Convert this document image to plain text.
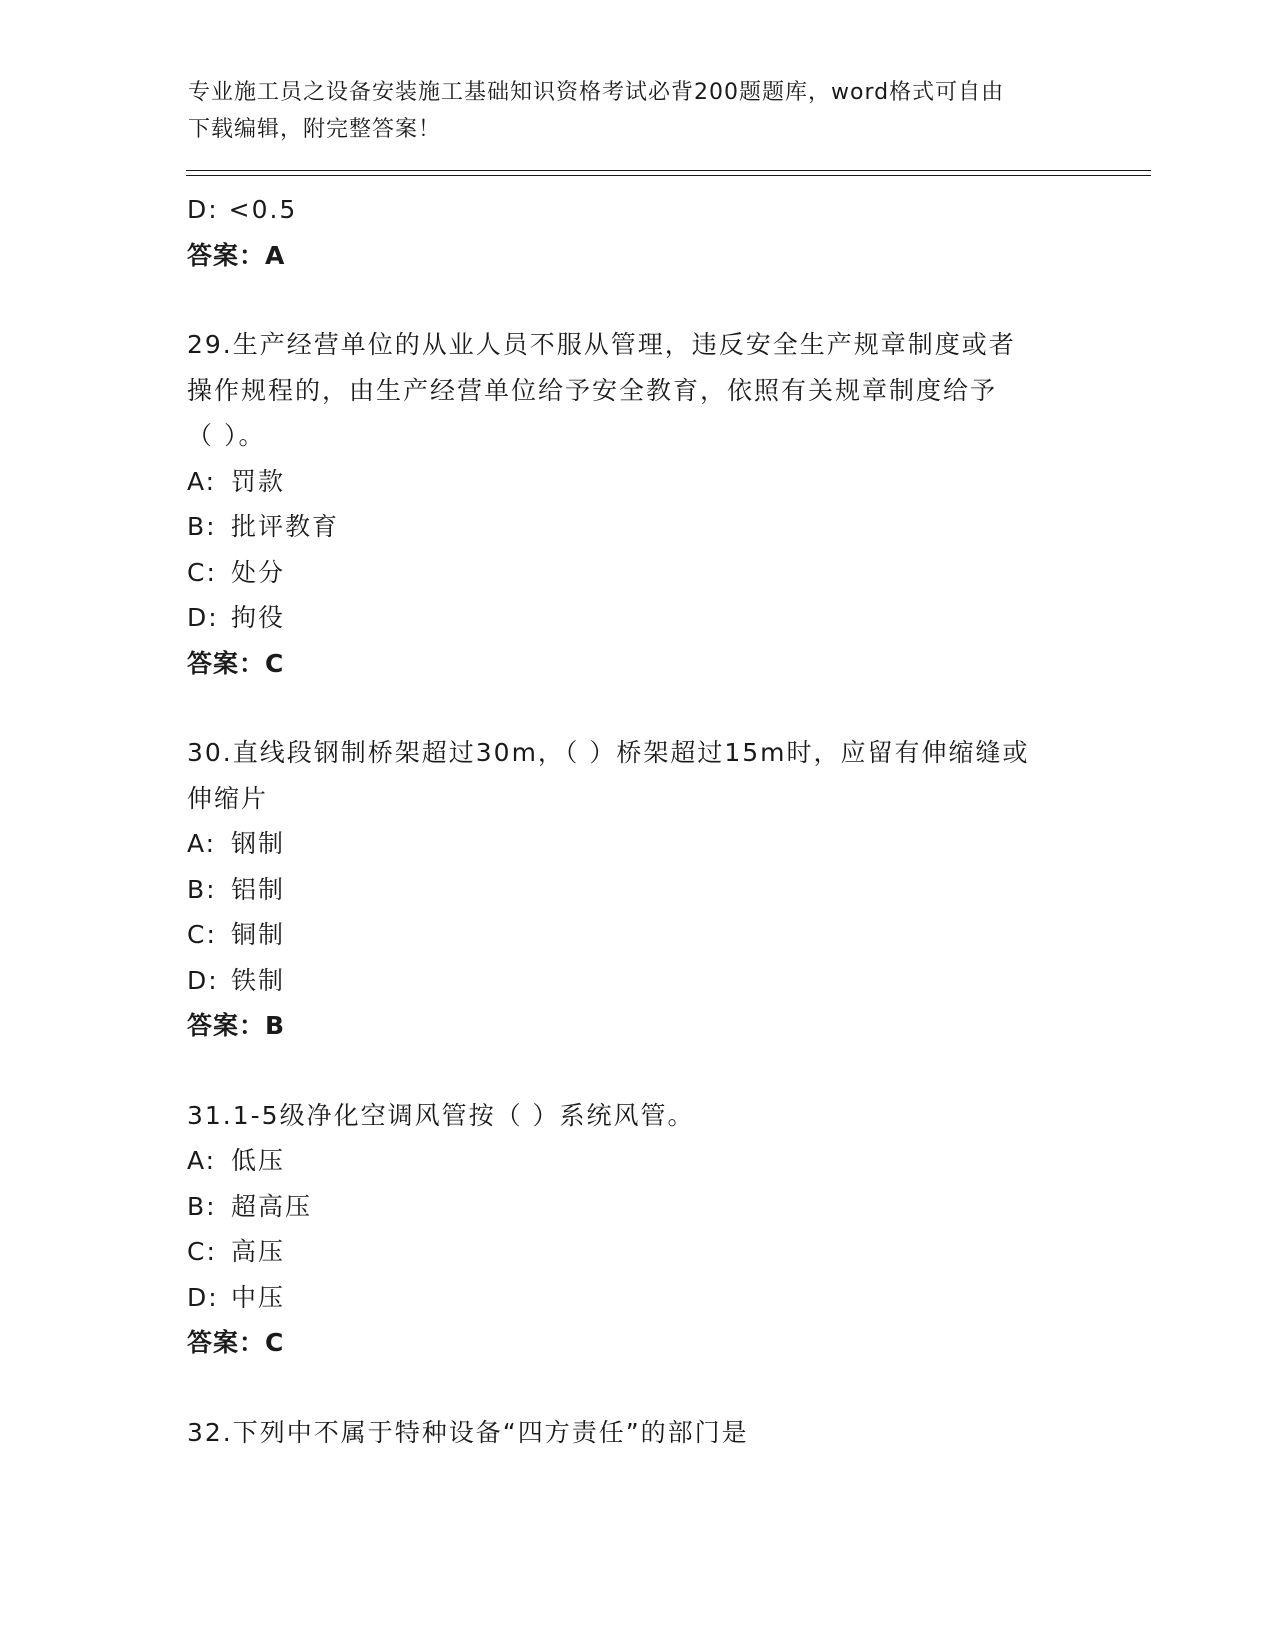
专业施工员之设备安装施工基础知识资格考试必背200题题库，word格式可自由
下载编辑，附完整答案！
D: <0.5
答案：A
29.生产经营单位的从业人员不服从管理，违反安全生产规章制度或者
操作规程的，由生产经营单位给予安全教育，依照有关规章制度给予
（ ）。
A: 罚款
B: 批评教育
C: 处分
D: 拘役
答案：C
30.直线段钢制桥架超过30m，（ ）桥架超过15m时，应留有伸缩缝或
伸缩片
A: 钢制
B: 铝制
C: 铜制
D: 铁制
答案：B
31.1-5级净化空调风管按（ ）系统风管。
A: 低压
B: 超高压
C: 高压
D: 中压
答案：C
32.下列中不属于特种设备“四方责任”的部门是
